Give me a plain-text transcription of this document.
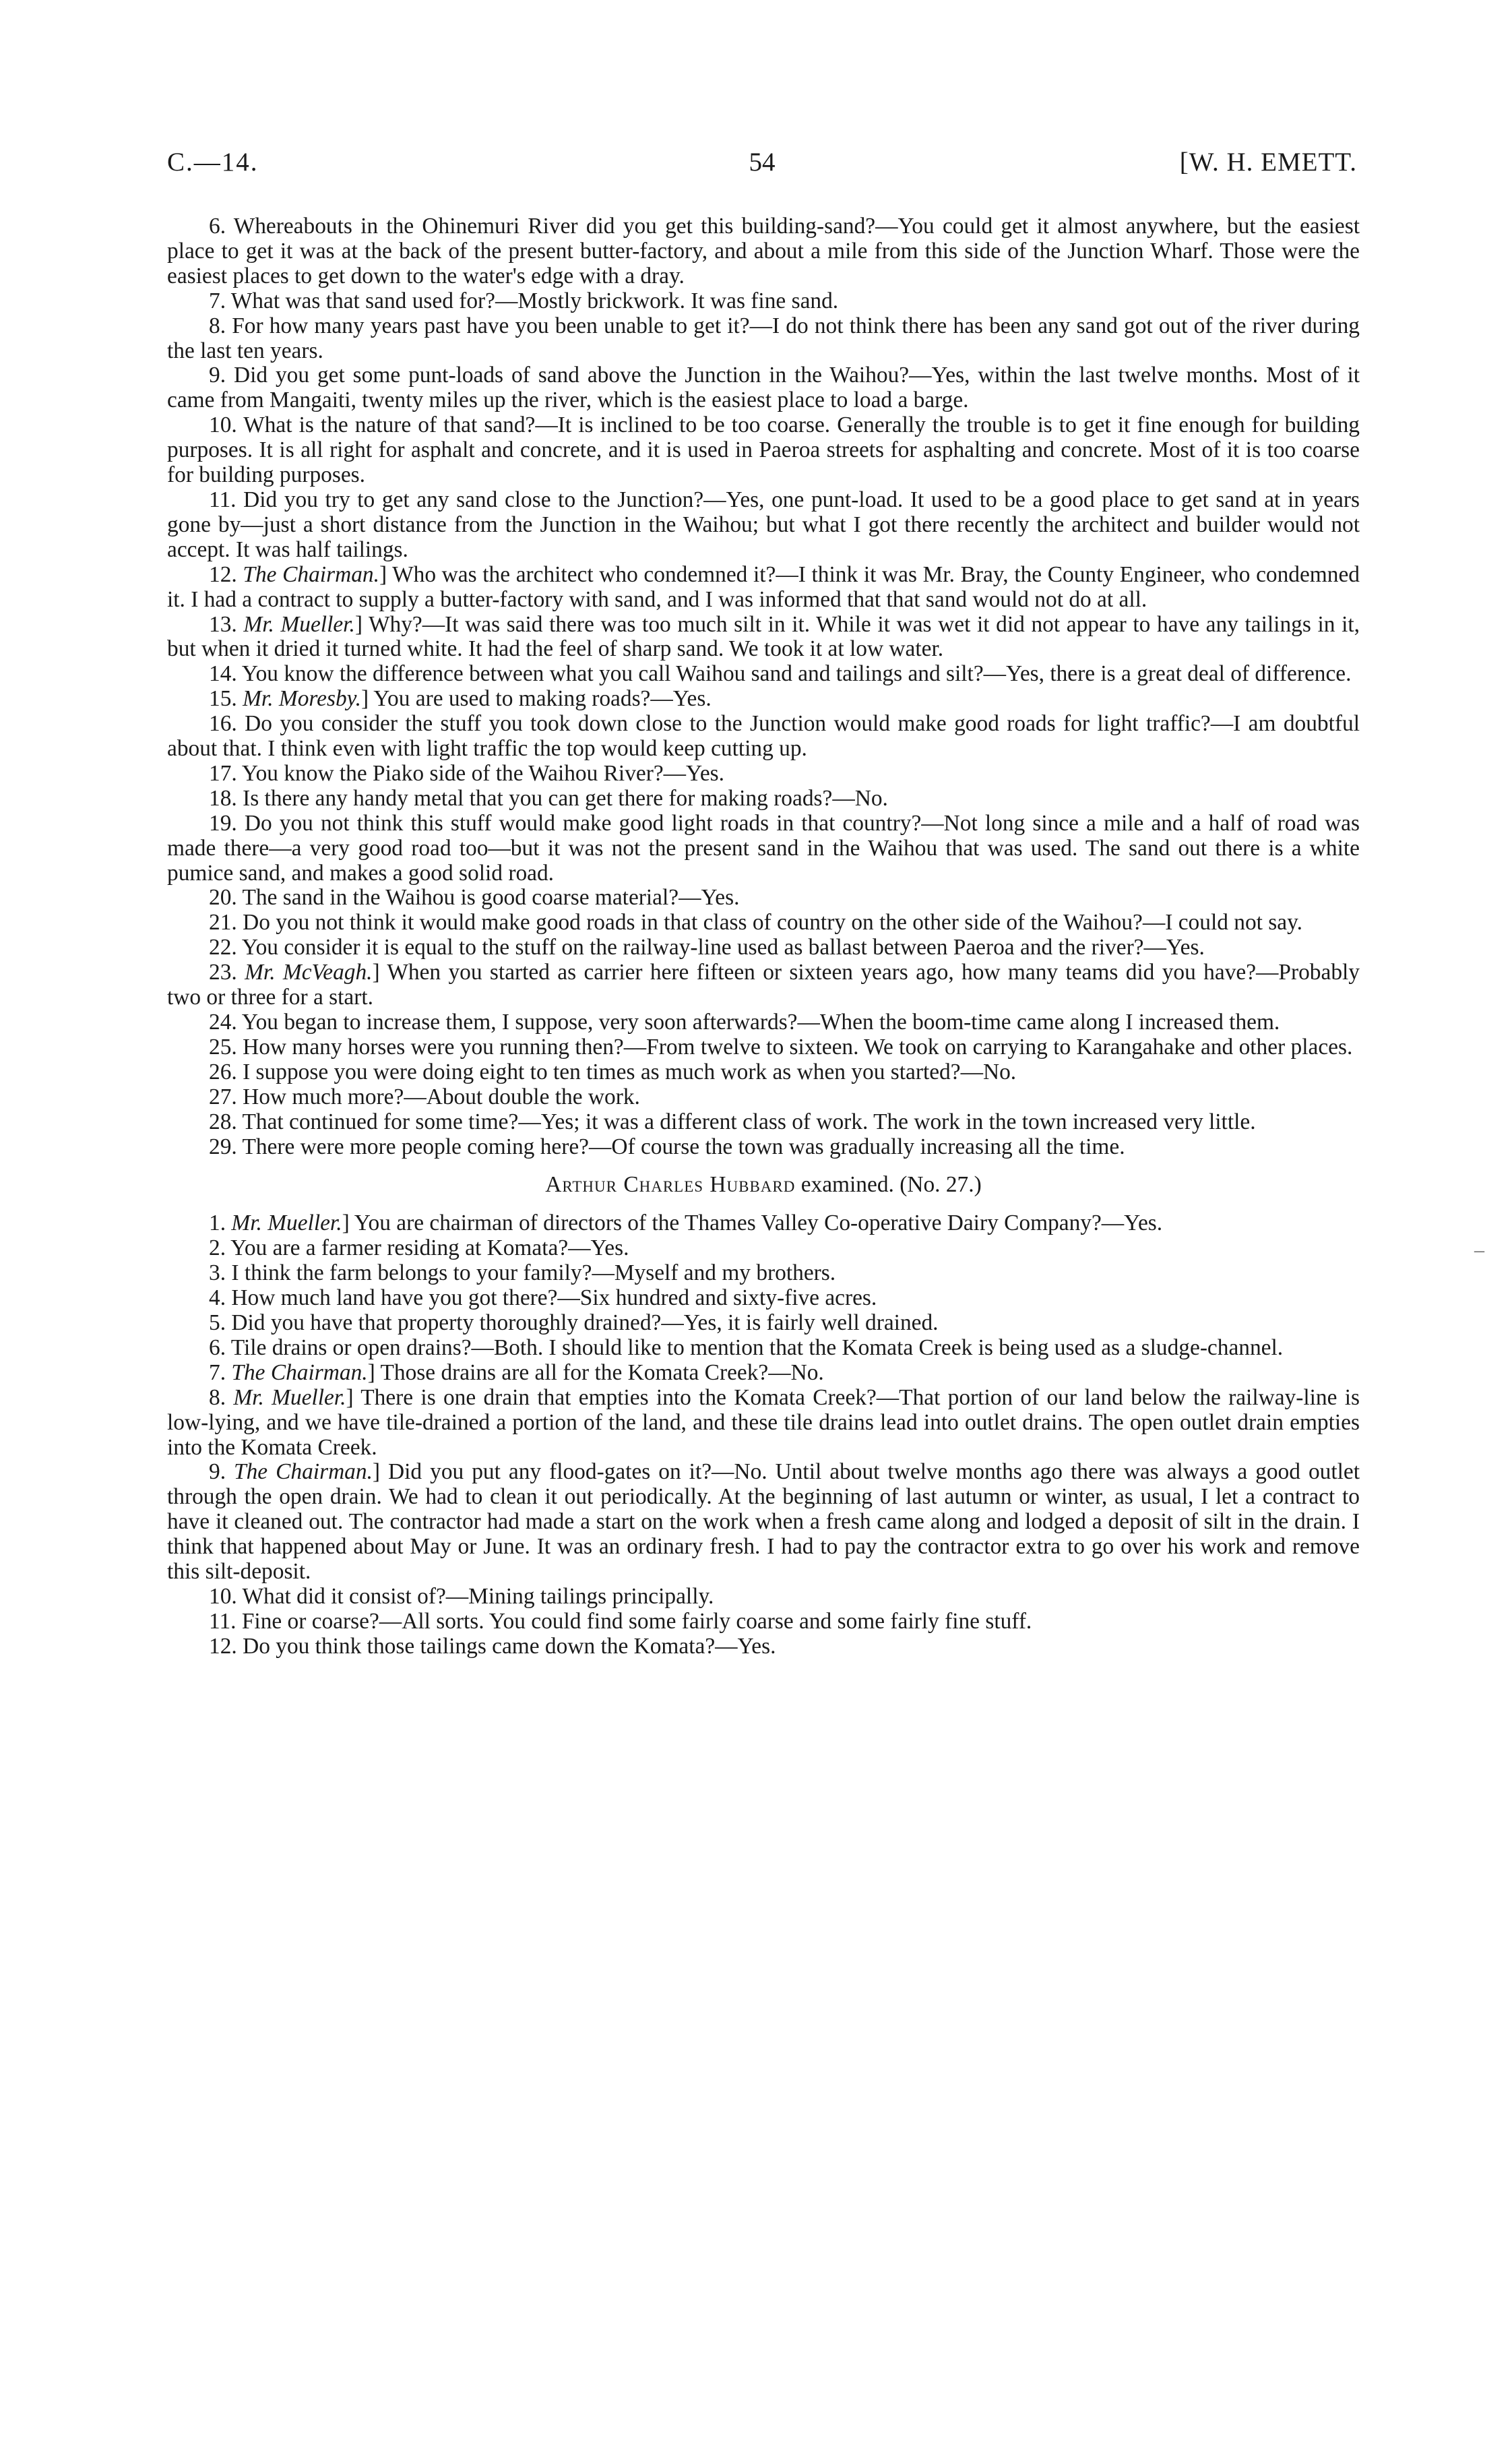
C.—14.	54	[W. H. EMETT.

6. Whereabouts in the Ohinemuri River did you get this building-sand?—You could get it almost anywhere, but the easiest place to get it was at the back of the present butter-factory, and about a mile from this side of the Junction Wharf. Those were the easiest places to get down to the water's edge with a dray.

7. What was that sand used for?—Mostly brickwork. It was fine sand.

8. For how many years past have you been unable to get it?—I do not think there has been any sand got out of the river during the last ten years.

9. Did you get some punt-loads of sand above the Junction in the Waihou?—Yes, within the last twelve months. Most of it came from Mangaiti, twenty miles up the river, which is the easiest place to load a barge.

10. What is the nature of that sand?—It is inclined to be too coarse. Generally the trouble is to get it fine enough for building purposes. It is all right for asphalt and concrete, and it is used in Paeroa streets for asphalting and concrete. Most of it is too coarse for building purposes.

11. Did you try to get any sand close to the Junction?—Yes, one punt-load. It used to be a good place to get sand at in years gone by—just a short distance from the Junction in the Waihou; but what I got there recently the architect and builder would not accept. It was half tailings.

12. The Chairman.] Who was the architect who condemned it?—I think it was Mr. Bray, the County Engineer, who condemned it. I had a contract to supply a butter-factory with sand, and I was informed that that sand would not do at all.

13. Mr. Mueller.] Why?—It was said there was too much silt in it. While it was wet it did not appear to have any tailings in it, but when it dried it turned white. It had the feel of sharp sand. We took it at low water.

14. You know the difference between what you call Waihou sand and tailings and silt?—Yes, there is a great deal of difference.

15. Mr. Moresby.] You are used to making roads?—Yes.

16. Do you consider the stuff you took down close to the Junction would make good roads for light traffic?—I am doubtful about that. I think even with light traffic the top would keep cutting up.

17. You know the Piako side of the Waihou River?—Yes.

18. Is there any handy metal that you can get there for making roads?—No.

19. Do you not think this stuff would make good light roads in that country?—Not long since a mile and a half of road was made there—a very good road too—but it was not the present sand in the Waihou that was used. The sand out there is a white pumice sand, and makes a good solid road.

20. The sand in the Waihou is good coarse material?—Yes.

21. Do you not think it would make good roads in that class of country on the other side of the Waihou?—I could not say.

22. You consider it is equal to the stuff on the railway-line used as ballast between Paeroa and the river?—Yes.

23. Mr. McVeagh.] When you started as carrier here fifteen or sixteen years ago, how many teams did you have?—Probably two or three for a start.

24. You began to increase them, I suppose, very soon afterwards?—When the boom-time came along I increased them.

25. How many horses were you running then?—From twelve to sixteen. We took on carrying to Karangahake and other places.

26. I suppose you were doing eight to ten times as much work as when you started?—No.

27. How much more?—About double the work.

28. That continued for some time?—Yes; it was a different class of work. The work in the town increased very little.

29. There were more people coming here?—Of course the town was gradually increasing all the time.

Arthur Charles Hubbard examined. (No. 27.)

1. Mr. Mueller.] You are chairman of directors of the Thames Valley Co-operative Dairy Company?—Yes.

2. You are a farmer residing at Komata?—Yes.

3. I think the farm belongs to your family?—Myself and my brothers.

4. How much land have you got there?—Six hundred and sixty-five acres.

5. Did you have that property thoroughly drained?—Yes, it is fairly well drained.

6. Tile drains or open drains?—Both. I should like to mention that the Komata Creek is being used as a sludge-channel.

7. The Chairman.] Those drains are all for the Komata Creek?—No.

8. Mr. Mueller.] There is one drain that empties into the Komata Creek?—That portion of our land below the railway-line is low-lying, and we have tile-drained a portion of the land, and these tile drains lead into outlet drains. The open outlet drain empties into the Komata Creek.

9. The Chairman.] Did you put any flood-gates on it?—No. Until about twelve months ago there was always a good outlet through the open drain. We had to clean it out periodically. At the beginning of last autumn or winter, as usual, I let a contract to have it cleaned out. The contractor had made a start on the work when a fresh came along and lodged a deposit of silt in the drain. I think that happened about May or June. It was an ordinary fresh. I had to pay the contractor extra to go over his work and remove this silt-deposit.

10. What did it consist of?—Mining tailings principally.

11. Fine or coarse?—All sorts. You could find some fairly coarse and some fairly fine stuff.

12. Do you think those tailings came down the Komata?—Yes.

–
